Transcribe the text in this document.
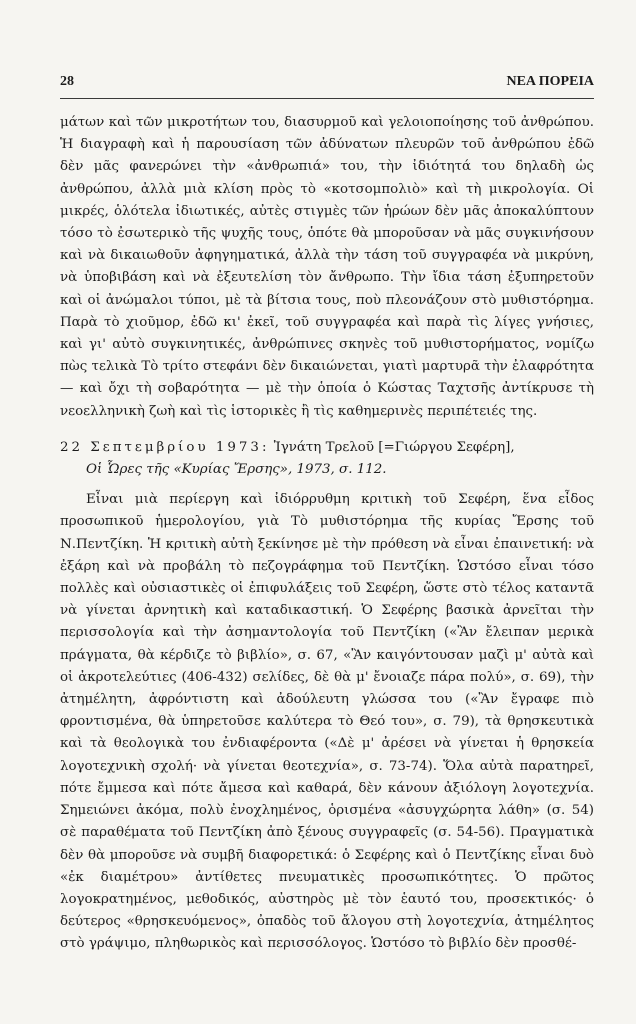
28	ΝΕΑ ΠΟΡΕΙΑ

μάτων καὶ τῶν μικροτήτων του, διασυρμοῦ καὶ γελοιοποίησης τοῦ ἀνθρώπου. Ἡ διαγραφὴ καὶ ἡ παρουσίαση τῶν ἀδύνατων πλευρῶν τοῦ ἀνθρώπου ἐδῶ δὲν μᾶς φανερώνει τὴν «ἀνθρωπιά» του, τὴν ἰδιότητά του δηλαδὴ ὡς ἀνθρώπου, ἀλλὰ μιὰ κλίση πρὸς τὸ «κοτσομπολιὸ» καὶ τὴ μικρολογία. Οἱ μικρές, ὁλότελα ἰδιωτικές, αὐτὲς στιγμὲς τῶν ἡρώων δὲν μᾶς ἀποκαλύπτουν τόσο τὸ ἐσωτερικὸ τῆς ψυχῆς τους, ὁπότε θὰ μποροῦσαν νὰ μᾶς συγκινήσουν καὶ νὰ δικαιωθοῦν ἀφηγηματικά, ἀλλὰ τὴν τάση τοῦ συγγραφέα νὰ μικρύνη, νὰ ὑποβιβάση καὶ νὰ ἐξευτελίση τὸν ἄνθρωπο. Τὴν ἴδια τάση ἐξυπηρετοῦν καὶ οἱ ἀνώμαλοι τύποι, μὲ τὰ βίτσια τους, ποὺ πλεονάζουν στὸ μυθιστόρημα. Παρὰ τὸ χιοῦμορ, ἐδῶ κι' ἐκεῖ, τοῦ συγγραφέα καὶ παρὰ τὶς λίγες γνήσιες, καὶ γι' αὐτὸ συγκινητικές, ἀνθρώπινες σκηνὲς τοῦ μυθιστορήματος, νομίζω πὼς τελικὰ Τὸ τρίτο στεφάνι δὲν δικαιώνεται, γιατὶ μαρτυρᾶ τὴν ἐλαφρότητα — καὶ ὄχι τὴ σοβαρότητα — μὲ τὴν ὁποία ὁ Κώστας Ταχτσῆς ἀντίκρυσε τὴ νεοελληνικὴ ζωὴ καὶ τὶς ἱστορικὲς ἢ τὶς καθημερινὲς περιπέτειές της.

22 Σεπτεμβρίου 1973: Ἰγνάτη Τρελοῦ [=Γιώργου Σεφέρη],
Οἱ Ὧρες τῆς «Κυρίας Ἔρσης», 1973, σ. 112.

Εἶναι μιὰ περίεργη καὶ ἰδιόρρυθμη κριτικὴ τοῦ Σεφέρη, ἕνα εἶδος προσωπικοῦ ἡμερολογίου, γιὰ Τὸ μυθιστόρημα τῆς κυρίας Ἔρσης τοῦ Ν.Πεντζίκη. Ἡ κριτικὴ αὐτὴ ξεκίνησε μὲ τὴν πρόθεση νὰ εἶναι ἐπαινετική: νὰ ἐξάρη καὶ νὰ προβάλη τὸ πεζογράφημα τοῦ Πεντζίκη. Ὡστόσο εἶναι τόσο πολλὲς καὶ οὐσιαστικὲς οἱ ἐπιφυλάξεις τοῦ Σεφέρη, ὥστε στὸ τέλος καταντᾶ νὰ γίνεται ἀρνητικὴ καὶ καταδικαστική. Ὁ Σεφέρης βασικὰ ἀρνεῖται τὴν περισσολογία καὶ τὴν ἀσημαντολογία τοῦ Πεντζίκη («Ἂν ἔλειπαν μερικὰ πράγματα, θὰ κέρδιζε τὸ βιβλίο», σ. 67, «Ἂν καιγόντουσαν μαζὶ μ' αὐτὰ καὶ οἱ ἀκροτελεύτιες (406-432) σελίδες, δὲ θὰ μ' ἔνοιαζε πάρα πολύ», σ. 69), τὴν ἀτημέλητη, ἀφρόντιστη καὶ ἀδούλευτη γλώσσα του («Ἂν ἔγραφε πιὸ φροντισμένα, θὰ ὑπηρετοῦσε καλύτερα τὸ Θεό του», σ. 79), τὰ θρησκευτικὰ καὶ τὰ θεολογικὰ του ἐνδιαφέροντα («Δὲ μ' ἀρέσει νὰ γίνεται ἡ θρησκεία λογοτεχνικὴ σχολή· νὰ γίνεται θεοτεχνία», σ. 73-74). Ὅλα αὐτὰ παρατηρεῖ, πότε ἔμμεσα καὶ πότε ἄμεσα καὶ καθαρά, δὲν κάνουν ἀξιόλογη λογοτεχνία. Σημειώνει ἀκόμα, πολὺ ἐνοχλημένος, ὁρισμένα «ἀσυγχώρητα λάθη» (σ. 54) σὲ παραθέματα τοῦ Πεντζίκη ἀπὸ ξένους συγγραφεῖς (σ. 54-56). Πραγματικὰ δὲν θὰ μποροῦσε νὰ συμβῆ διαφορετικά: ὁ Σεφέρης καὶ ὁ Πεντζίκης εἶναι δυὸ «ἐκ διαμέτρου» ἀντίθετες πνευματικὲς προσωπικότητες. Ὁ πρῶτος λογοκρατημένος, μεθοδικός, αὐστηρὸς μὲ τὸν ἑαυτό του, προσεκτικός· ὁ δεύτερος «θρησκευόμενος», ὀπαδὸς τοῦ ἄλογου στὴ λογοτεχνία, ἀτημέλητος στὸ γράψιμο, πληθωρικὸς καὶ περισσόλογος. Ὡστόσο τὸ βιβλίο δὲν προσθέ-
